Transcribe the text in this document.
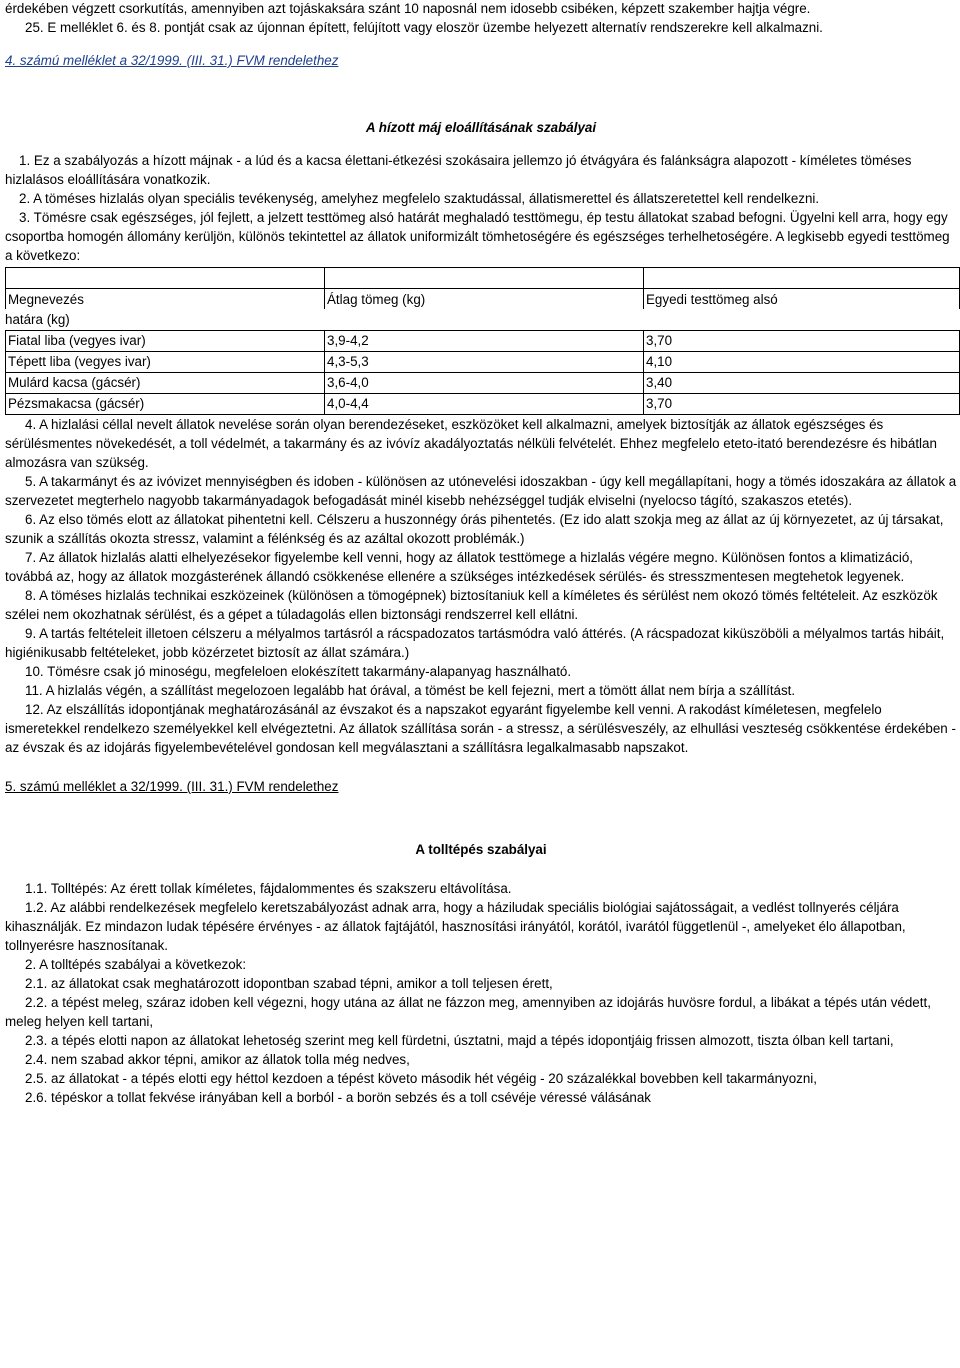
érdekében végzett csorkutítás, amennyiben azt tojáskaksára szánt 10 naposnál nem idosebb csibéken, képzett szakember hajtja végre.

25. E melléklet 6. és 8. pontját csak az újonnan épített, felújított vagy eloször üzembe helyezett alternatív rendszerekre kell alkalmazni.

4. számú melléklet a 32/1999. (III. 31.) FVM rendelethez

A hízott máj eloállításának szabályai

1. Ez a szabályozás a hízott májnak - a lúd és a kacsa élettani-étkezési szokásaira jellemzo jó étvágyára és falánkságra alapozott - kíméletes töméses hizlalásos eloállítására vonatkozik.

2. A töméses hizlalás olyan speciális tevékenység, amelyhez megfelelo szaktudással, állatismerettel és állatszeretettel kell rendelkezni.

3. Tömésre csak egészséges, jól fejlett, a jelzett testtömeg alsó határát meghaladó testtömegu, ép testu állatokat szabad befogni. Ügyelni kell arra, hogy egy csoportba homogén állomány kerüljön, különös tekintettel az állatok uniformizált tömhetoségére és egészséges terhelhetoségére. A legkisebb egyedi testtömeg a következo:

Megnevezés	Átlag tömeg (kg)	Egyedi testtömeg alsó
határa (kg)
Fiatal liba (vegyes ivar)	3,9-4,2	3,70
Tépett liba (vegyes ivar)	4,3-5,3	4,10
Mulárd kacsa (gácsér)	3,6-4,0	3,40
Pézsmakacsa (gácsér)	4,0-4,4	3,70

4. A hizlalási céllal nevelt állatok nevelése során olyan berendezéseket, eszközöket kell alkalmazni, amelyek biztosítják az állatok egészséges és sérülésmentes növekedését, a toll védelmét, a takarmány és az ivóvíz akadályoztatás nélküli felvételét. Ehhez megfelelo eteto-itató berendezésre és hibátlan almozásra van szükség.

5. A takarmányt és az ivóvizet mennyiségben és idoben - különösen az utónevelési idoszakban - úgy kell megállapítani, hogy a tömés idoszakára az állatok a szervezetet megterhelo nagyobb takarmányadagok befogadását minél kisebb nehézséggel tudják elviselni (nyelocso tágító, szakaszos etetés).

6. Az elso tömés elott az állatokat pihentetni kell. Célszeru a huszonnégy órás pihentetés. (Ez ido alatt szokja meg az állat az új környezetet, az új társakat, szunik a szállítás okozta stressz, valamint a félénkség és az azáltal okozott problémák.)

7. Az állatok hizlalás alatti elhelyezésekor figyelembe kell venni, hogy az állatok testtömege a hizlalás végére megno. Különösen fontos a klimatizáció, továbbá az, hogy az állatok mozgásterének állandó csökkenése ellenére a szükséges intézkedések sérülés- és stresszmentesen megtehetok legyenek.

8. A töméses hizlalás technikai eszközeinek (különösen a tömogépnek) biztosítaniuk kell a kíméletes és sérülést nem okozó tömés feltételeit. Az eszközök szélei nem okozhatnak sérülést, és a gépet a túladagolás ellen biztonsági rendszerrel kell ellátni.

9. A tartás feltételeit illetoen célszeru a mélyalmos tartásról a rácspadozatos tartásmódra való áttérés. (A rácspadozat kiküszöböli a mélyalmos tartás hibáit, higiénikusabb feltételeket, jobb közérzetet biztosít az állat számára.)

10. Tömésre csak jó minoségu, megfeleloen elokészített takarmány-alapanyag használható.

11. A hizlalás végén, a szállítást megelozoen legalább hat órával, a tömést be kell fejezni, mert a tömött állat nem bírja a szállítást.

12. Az elszállítás idopontjának meghatározásánál az évszakot és a napszakot egyaránt figyelembe kell venni. A rakodást kíméletesen, megfelelo ismeretekkel rendelkezo személyekkel kell elvégeztetni. Az állatok szállítása során - a stressz, a sérülésveszély, az elhullási veszteség csökkentése érdekében - az évszak és az idojárás figyelembevételével gondosan kell megválasztani a szállításra legalkalmasabb napszakot.

5. számú melléklet a 32/1999. (III. 31.) FVM rendelethez

A tolltépés szabályai

1.1. Tolltépés: Az érett tollak kíméletes, fájdalommentes és szakszeru eltávolítása.

1.2. Az alábbi rendelkezések megfelelo keretszabályozást adnak arra, hogy a háziludak speciális biológiai sajátosságait, a vedlést tollnyerés céljára kihasználják. Ez mindazon ludak tépésére érvényes - az állatok fajtájától, hasznosítási irányától, korától, ivarától függetlenül -, amelyeket élo állapotban, tollnyerésre hasznosítanak.

2. A tolltépés szabályai a következok:

2.1. az állatokat csak meghatározott idopontban szabad tépni, amikor a toll teljesen érett,

2.2. a tépést meleg, száraz idoben kell végezni, hogy utána az állat ne fázzon meg, amennyiben az idojárás huvösre fordul, a libákat a tépés után védett, meleg helyen kell tartani,

2.3. a tépés elotti napon az állatokat lehetoség szerint meg kell fürdetni, úsztatni, majd a tépés idopontjáig frissen almozott, tiszta ólban kell tartani,

2.4. nem szabad akkor tépni, amikor az állatok tolla még nedves,

2.5. az állatokat - a tépés elotti egy héttol kezdoen a tépést követo második hét végéig - 20 százalékkal bovebben kell takarmányozni,

2.6. tépéskor a tollat fekvése irányában kell a borból - a borön sebzés és a toll csévéje véressé válásának
